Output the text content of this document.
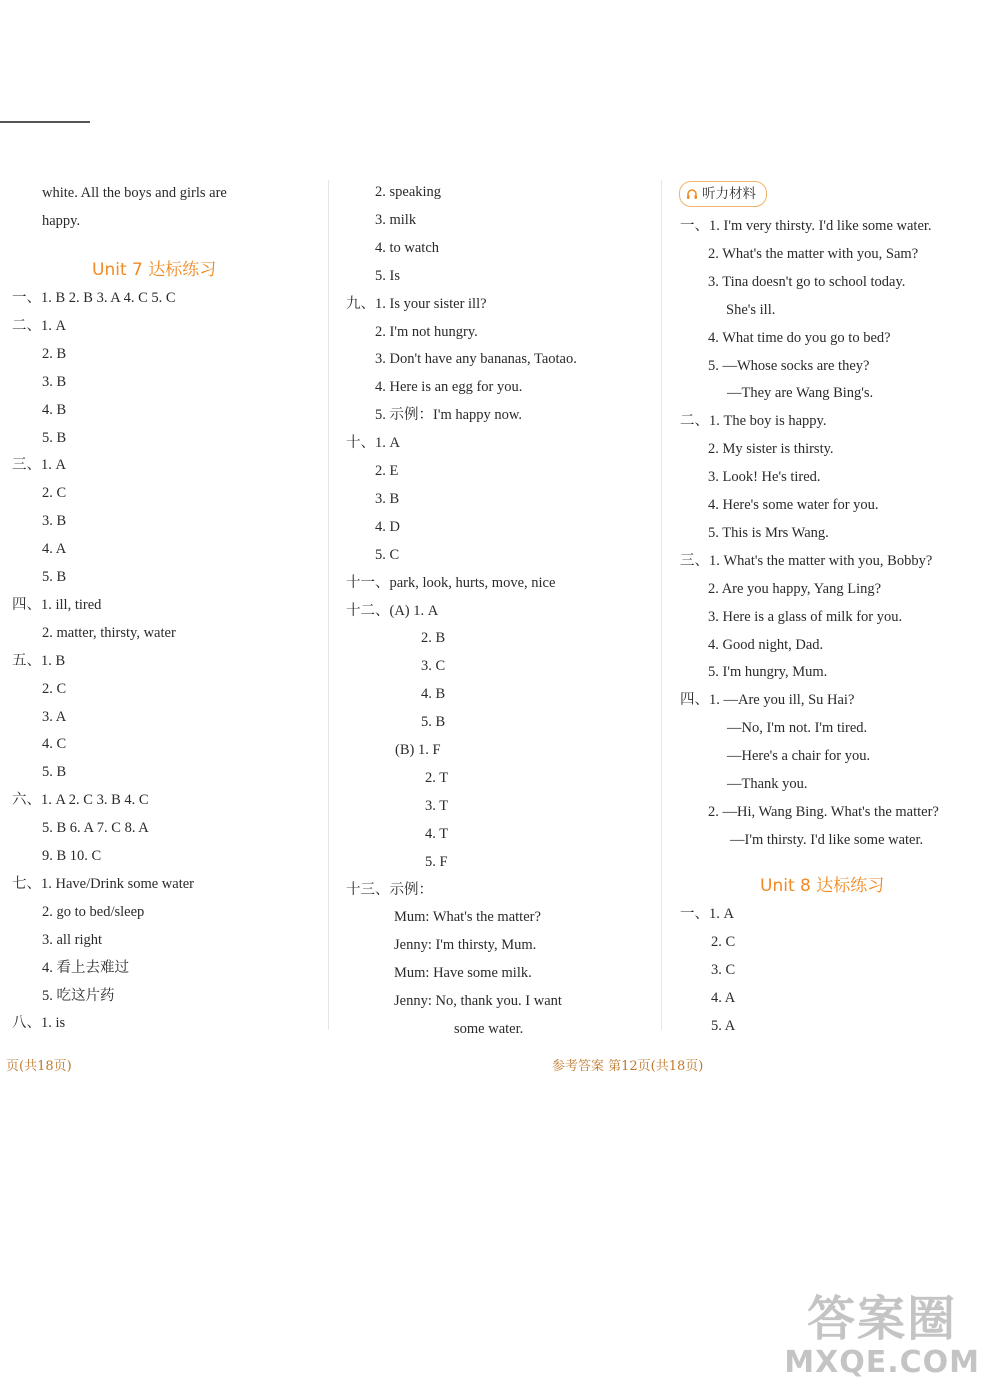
white. All the boys and girls are
happy.
一、1. B 2. B 3. A 4. C 5. C
二、1. A
2. B
3. B
4. B
5. B
三、1. A
2. C
3. B
4. A
5. B
四、1. ill, tired
2. matter, thirsty, water
五、1. B
2. C
3. A
4. C
5. B
六、1. A 2. C 3. B 4. C
5. B 6. A 7. C 8. A
9. B 10. C
七、1. Have/Drink some water
2. go to bed/sleep
3. all right
4. 看上去难过
5. 吃这片药
八、1. is
2. speaking
3. milk
4. to watch
5. Is
九、1. Is your sister ill?
2. I'm not hungry.
3. Don't have any bananas, Taotao.
4. Here is an egg for you.
5. 示例：I'm happy now.
十、1. A
2. E
3. B
4. D
5. C
十一、park, look, hurts, move, nice
十二、(A) 1. A
2. B
3. C
4. B
5. B
(B) 1. F
2. T
3. T
4. T
5. F
十三、示例：
Mum: What's the matter?
Jenny: I'm thirsty, Mum.
Mum: Have some milk.
Jenny: No, thank you. I want
some water.
一、1. I'm very thirsty. I'd like some water.
2. What's the matter with you, Sam?
3. Tina doesn't go to school today.
She's ill.
4. What time do you go to bed?
5. —Whose socks are they?
—They are Wang Bing's.
二、1. The boy is happy.
2. My sister is thirsty.
3. Look! He's tired.
4. Here's some water for you.
5. This is Mrs Wang.
三、1. What's the matter with you, Bobby?
2. Are you happy, Yang Ling?
3. Here is a glass of milk for you.
4. Good night, Dad.
5. I'm hungry, Mum.
四、1. —Are you ill, Su Hai?
—No, I'm not. I'm tired.
—Here's a chair for you.
—Thank you.
2. —Hi, Wang Bing. What's the matter?
—I'm thirsty. I'd like some water.
一、1. A
2. C
3. C
4. A
5. A
听力材料
页(共18页)	参考答案 第12页(共18页)
答案圈
MXQE.COM
Unit 7 达标练习
Unit 8 达标练习
